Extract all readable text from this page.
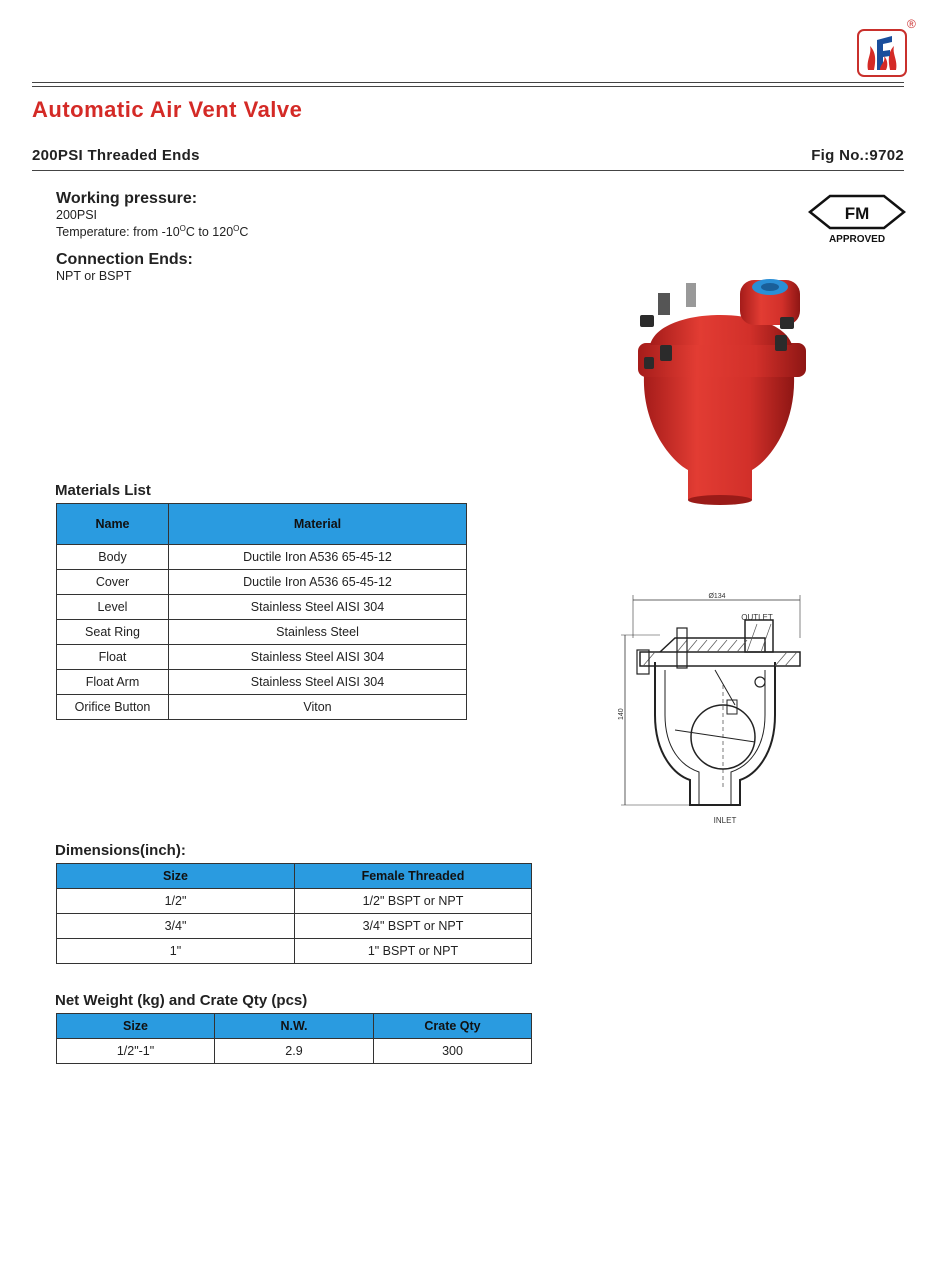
®
Automatic Air Vent Valve
200PSI Threaded Ends	Fig No.:9702
Working pressure:
200PSI
Temperature: from $-10^OC$ to $120^OC$
Connection Ends:
NPT or BSPT
FM
APPROVED
Ø134
140
OUTLET
INLET
Materials List
Name	Material
Body	Ductile Iron A536 65-45-12
Cover	Ductile Iron A536 65-45-12
Level	Stainless Steel AISI 304
Seat Ring	Stainless Steel
Float	Stainless Steel AISI 304
Float Arm	Stainless Steel AISI 304
Orifice Button	Viton
Dimensions(inch):
Size	Female Threaded
1/2"	1/2" BSPT or NPT
3/4"	3/4" BSPT or NPT
1"	1" BSPT or NPT
Net Weight (kg) and Crate Qty (pcs)
Size	N.W.	Crate Qty
1/2"-1"	2.9	300
